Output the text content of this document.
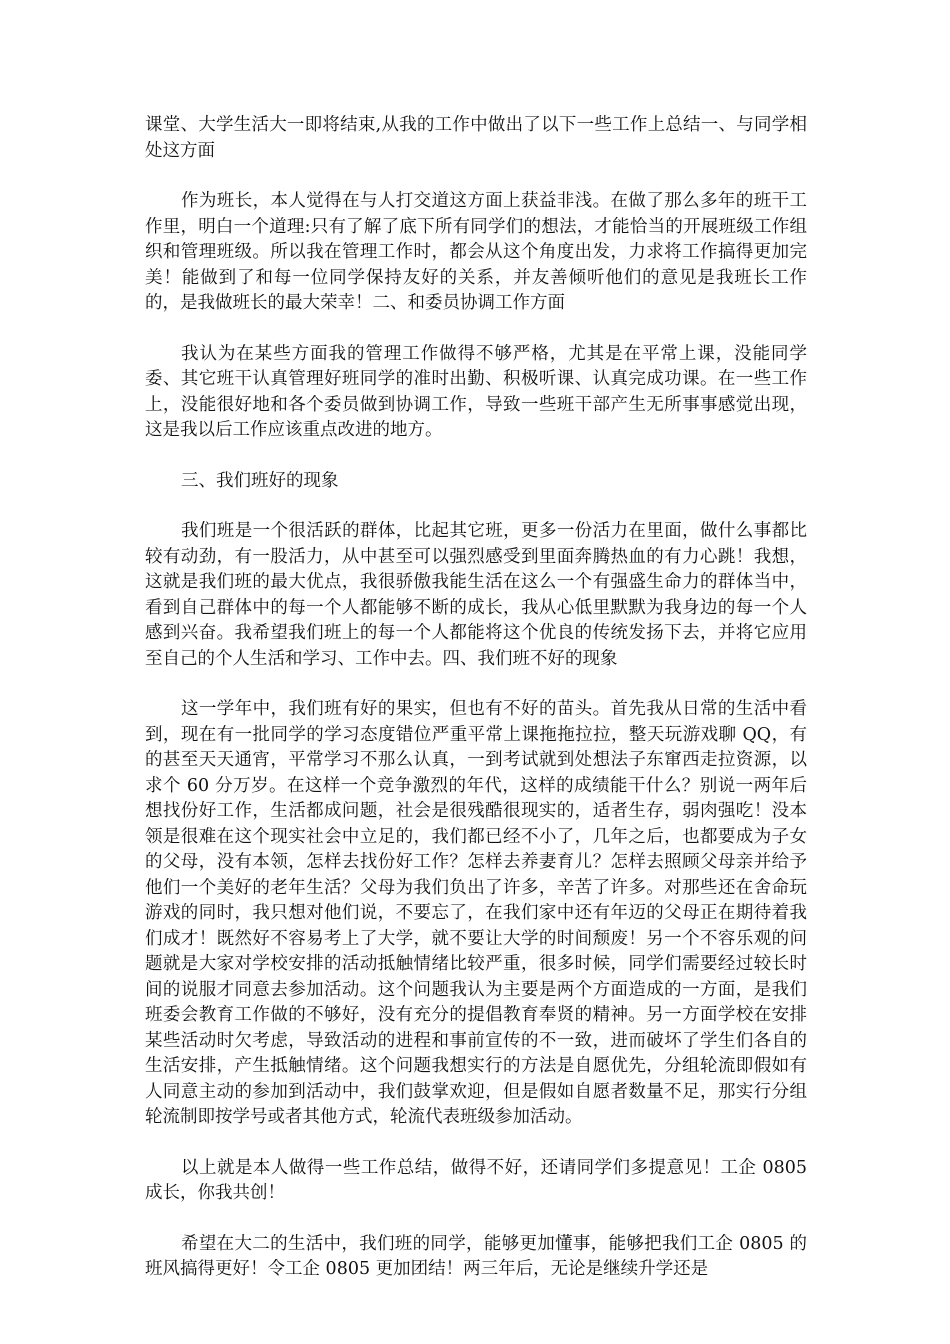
课堂、大学生活大一即将结束,从我的工作中做出了以下一些工作上总结一、与同学相处这方面

作为班长，本人觉得在与人打交道这方面上获益非浅。在做了那么多年的班干工作里，明白一个道理:只有了解了底下所有同学们的想法，才能恰当的开展班级工作组织和管理班级。所以我在管理工作时，都会从这个角度出发，力求将工作搞得更加完美！能做到了和每一位同学保持友好的关系，并友善倾听他们的意见是我班长工作的，是我做班长的最大荣幸！二、和委员协调工作方面

我认为在某些方面我的管理工作做得不够严格，尤其是在平常上课，没能同学委、其它班干认真管理好班同学的准时出勤、积极听课、认真完成功课。在一些工作上，没能很好地和各个委员做到协调工作，导致一些班干部产生无所事事感觉出现，这是我以后工作应该重点改进的地方。

三、我们班好的现象

我们班是一个很活跃的群体，比起其它班，更多一份活力在里面，做什么事都比较有动劲，有一股活力，从中甚至可以强烈感受到里面奔腾热血的有力心跳！我想，这就是我们班的最大优点，我很骄傲我能生活在这么一个有强盛生命力的群体当中，看到自己群体中的每一个人都能够不断的成长，我从心低里默默为我身边的每一个人感到兴奋。我希望我们班上的每一个人都能将这个优良的传统发扬下去，并将它应用至自己的个人生活和学习、工作中去。四、我们班不好的现象

这一学年中，我们班有好的果实，但也有不好的苗头。首先我从日常的生活中看到，现在有一批同学的学习态度错位严重平常上课拖拖拉拉，整天玩游戏聊 QQ，有的甚至天天通宵，平常学习不那么认真，一到考试就到处想法子东窜西走拉资源，以求个 60 分万岁。在这样一个竞争激烈的年代，这样的成绩能干什么？别说一两年后想找份好工作，生活都成问题，社会是很残酷很现实的，适者生存，弱肉强吃！没本领是很难在这个现实社会中立足的，我们都已经不小了，几年之后，也都要成为子女的父母，没有本领，怎样去找份好工作？怎样去养妻育儿？怎样去照顾父母亲并给予他们一个美好的老年生活？父母为我们负出了许多，辛苦了许多。对那些还在舍命玩游戏的同时，我只想对他们说，不要忘了，在我们家中还有年迈的父母正在期待着我们成才！既然好不容易考上了大学，就不要让大学的时间颓废！另一个不容乐观的问题就是大家对学校安排的活动抵触情绪比较严重，很多时候，同学们需要经过较长时间的说服才同意去参加活动。这个问题我认为主要是两个方面造成的一方面，是我们班委会教育工作做的不够好，没有充分的提倡教育奉贤的精神。另一方面学校在安排某些活动时欠考虑，导致活动的进程和事前宣传的不一致，进而破坏了学生们各自的生活安排，产生抵触情绪。这个问题我想实行的方法是自愿优先，分组轮流即假如有人同意主动的参加到活动中，我们鼓掌欢迎，但是假如自愿者数量不足，那实行分组轮流制即按学号或者其他方式，轮流代表班级参加活动。

以上就是本人做得一些工作总结，做得不好，还请同学们多提意见！工企 0805 成长，你我共创！

希望在大二的生活中，我们班的同学，能够更加懂事，能够把我们工企 0805 的班风搞得更好！令工企 0805 更加团结！两三年后，无论是继续升学还是
